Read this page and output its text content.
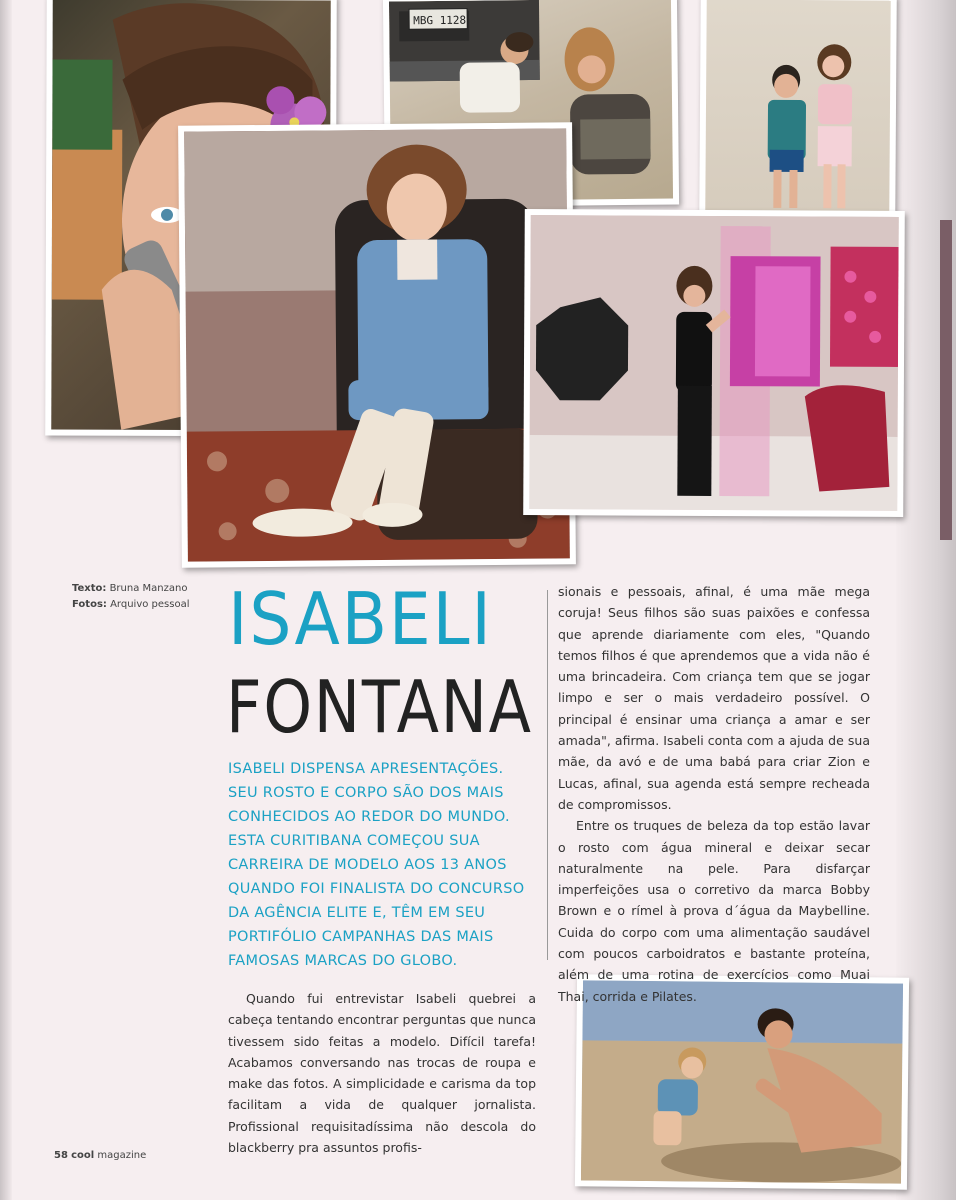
MBG 1128
Texto: Bruna Manzano
Fotos: Arquivo pessoal ISABELI
FONTANA
ISABELI DISPENSA APRESENTAÇÕES. SEU ROSTO E CORPO SÃO DOS MAIS CONHECIDOS AO REDOR DO MUNDO. ESTA CURITIBANA COMEÇOU SUA CARREIRA DE MODELO AOS 13 ANOS QUANDO FOI FINALISTA DO CONCURSO DA AGÊNCIA ELITE E, TÊM EM SEU PORTIFÓLIO CAMPANHAS DAS MAIS FAMOSAS MARCAS DO GLOBO.

Quando fui entrevistar Isabeli quebrei a cabeça tentando encontrar perguntas que nunca tivessem sido feitas a modelo. Difícil tarefa! Acabamos conversando nas trocas de roupa e make das fotos. A simplicidade e carisma da top facilitam a vida de qualquer jornalista. Profissional requisitadíssima não descola do blackberry pra assuntos profis-

sionais e pessoais, afinal, é uma mãe mega coruja! Seus filhos são suas paixões e confessa que aprende diariamente com eles, "Quando temos filhos é que aprendemos que a vida não é uma brincadeira. Com criança tem que se jogar limpo e ser o mais verdadeiro possível. O principal é ensinar uma criança a amar e ser amada", afirma. Isabeli conta com a ajuda de sua mãe, da avó e de uma babá para criar Zion e Lucas, afinal, sua agenda está sempre recheada de compromissos.

Entre os truques de beleza da top estão lavar o rosto com água mineral e deixar secar naturalmente na pele. Para disfarçar imperfeições usa o corretivo da marca Bobby Brown e o rímel à prova d´água da Maybelline. Cuida do corpo com uma alimentação saudável com poucos carboidratos e bastante proteína, além de uma rotina de exercícios como Muai Thai, corrida e Pilates.

58 cool magazine
